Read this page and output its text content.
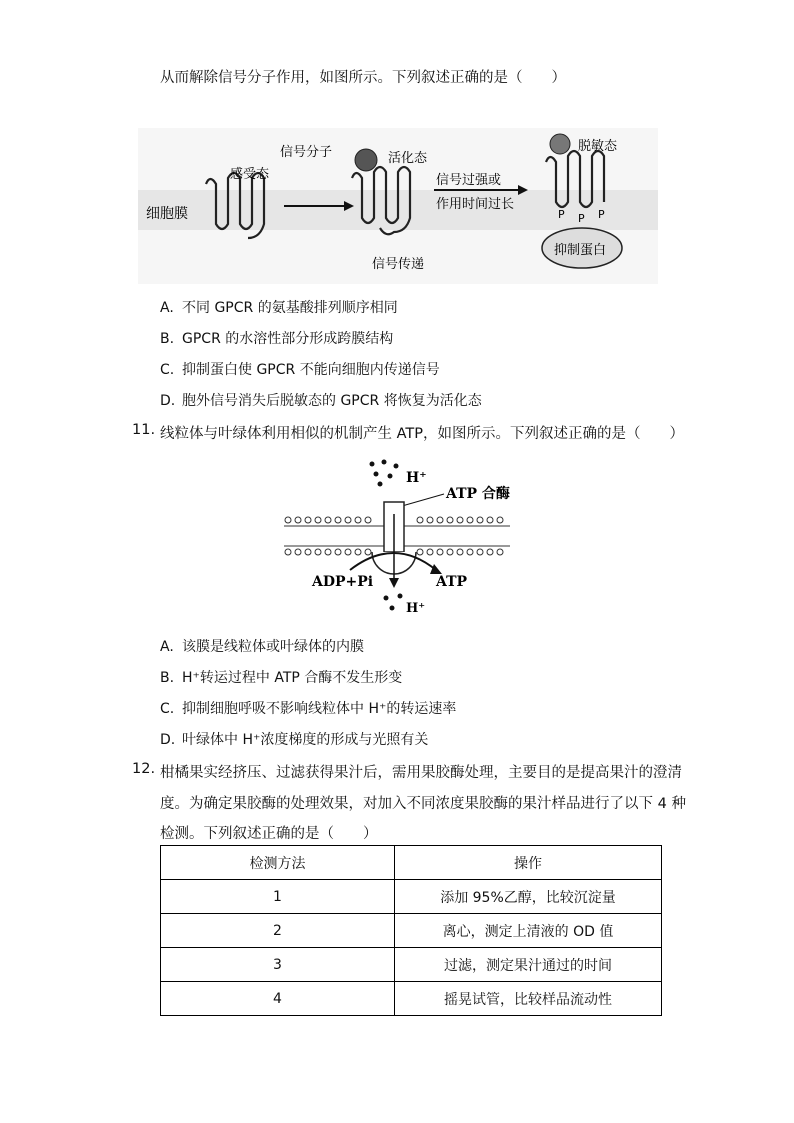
从而解除信号分子作用，如图所示。下列叙述正确的是（　　）
细胞膜
感受态
信号分子	活化态
信号传递
信号过强或
作用时间过长
脱敏态
P P P
抑制蛋白
A. 不同 GPCR 的氨基酸排列顺序相同
B. GPCR 的水溶性部分形成跨膜结构
C. 抑制蛋白使 GPCR 不能向细胞内传递信号
D. 胞外信号消失后脱敏态的 GPCR 将恢复为活化态
11. 线粒体与叶绿体利用相似的机制产生 ATP，如图所示。下列叙述正确的是（　　）
H⁺
ATP 合酶
ADP+Pi	ATP
H⁺
A. 该膜是线粒体或叶绿体的内膜
B. H⁺转运过程中 ATP 合酶不发生形变
C. 抑制细胞呼吸不影响线粒体中 H⁺的转运速率
D. 叶绿体中 H⁺浓度梯度的形成与光照有关
12. 柑橘果实经挤压、过滤获得果汁后，需用果胶酶处理，主要目的是提高果汁的澄清
度。为确定果胶酶的处理效果，对加入不同浓度果胶酶的果汁样品进行了以下 4 种
检测。下列叙述正确的是（　　）
检测方法	操作
1	添加 95%乙醇，比较沉淀量
2	离心，测定上清液的 OD 值
3	过滤，测定果汁通过的时间
4	摇晃试管，比较样品流动性
